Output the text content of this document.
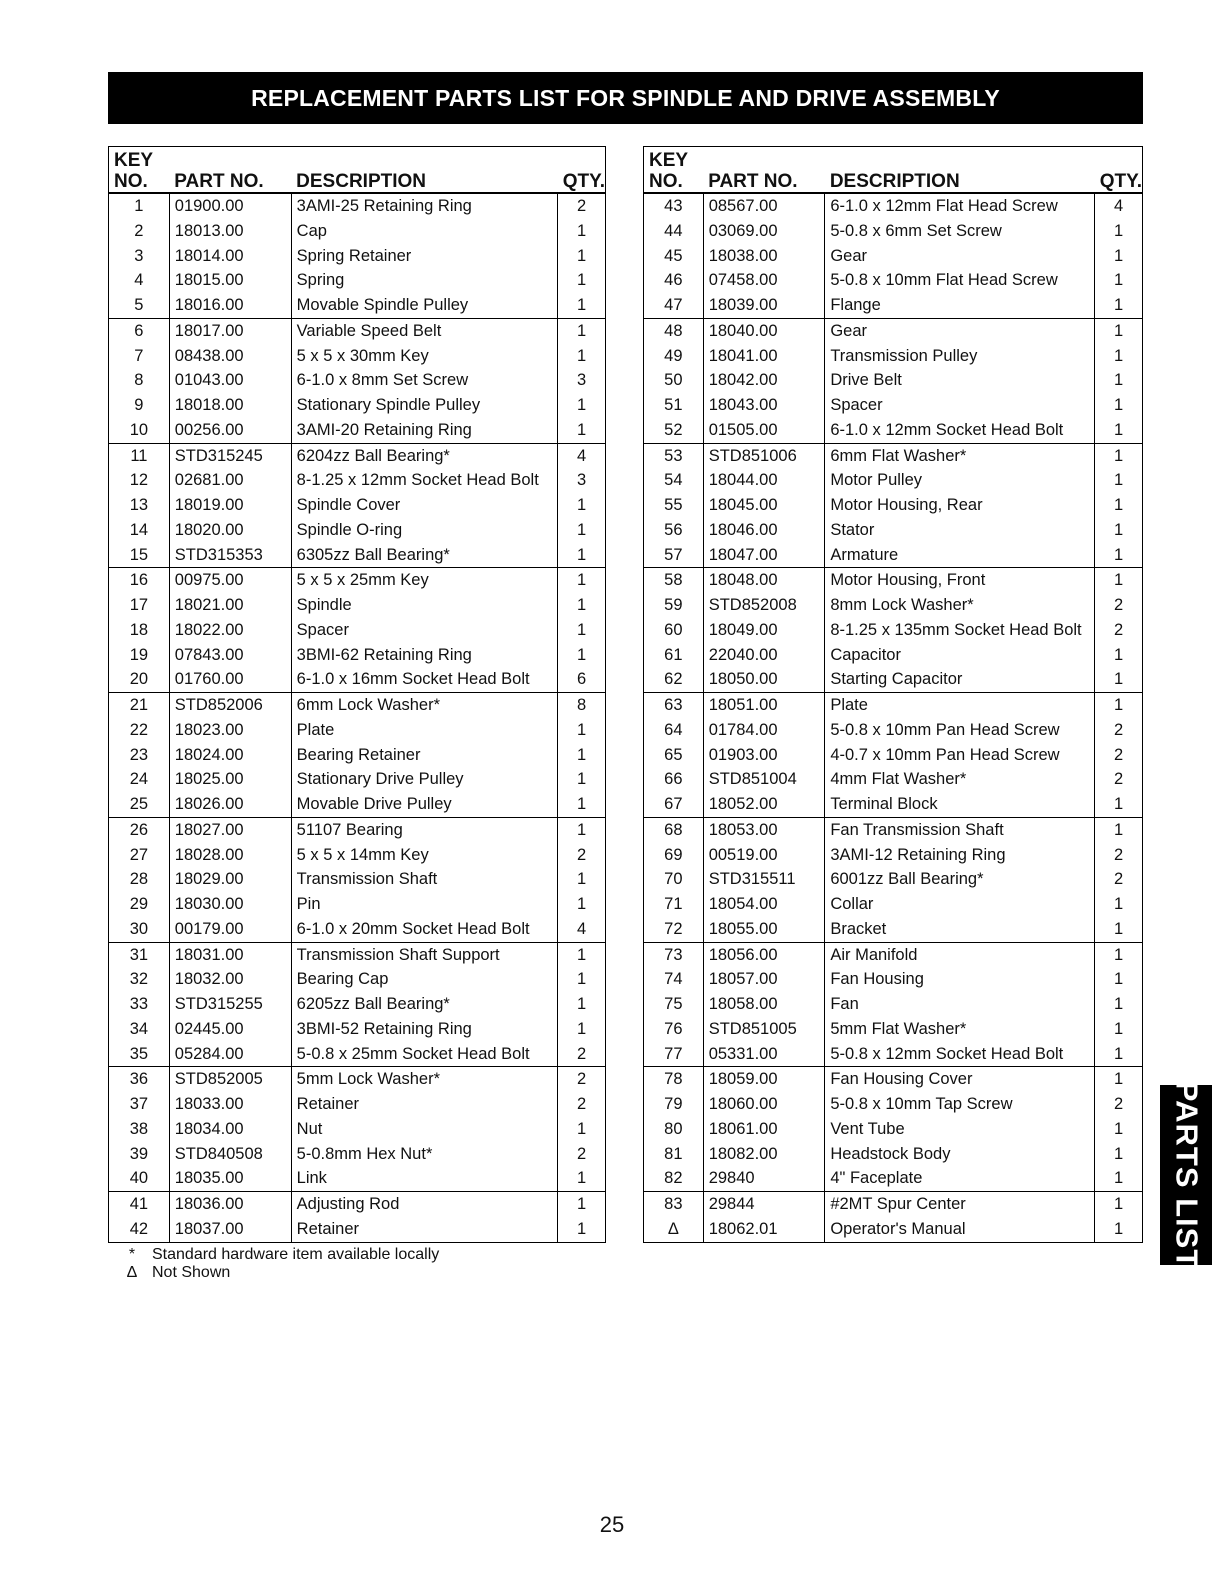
REPLACEMENT PARTS LIST FOR SPINDLE AND DRIVE ASSEMBLY
KEY			
NO.	PART NO.	DESCRIPTION	QTY.
1	01900.00	3AMI-25 Retaining Ring	2
2	18013.00	Cap	1
3	18014.00	Spring Retainer	1
4	18015.00	Spring	1
5	18016.00	Movable Spindle Pulley	1
6	18017.00	Variable Speed Belt	1
7	08438.00	5 x 5 x 30mm Key	1
8	01043.00	6-1.0 x 8mm Set Screw	3
9	18018.00	Stationary Spindle Pulley	1
10	00256.00	3AMI-20 Retaining Ring	1
11	STD315245	6204zz Ball Bearing*	4
12	02681.00	8-1.25 x 12mm Socket Head Bolt	3
13	18019.00	Spindle Cover	1
14	18020.00	Spindle O-ring	1
15	STD315353	6305zz Ball Bearing*	1
16	00975.00	5 x 5 x 25mm Key	1
17	18021.00	Spindle	1
18	18022.00	Spacer	1
19	07843.00	3BMI-62 Retaining Ring	1
20	01760.00	6-1.0 x 16mm Socket Head Bolt	6
21	STD852006	6mm Lock Washer*	8
22	18023.00	Plate	1
23	18024.00	Bearing Retainer	1
24	18025.00	Stationary Drive Pulley	1
25	18026.00	Movable Drive Pulley	1
26	18027.00	51107 Bearing	1
27	18028.00	5 x 5 x 14mm Key	2
28	18029.00	Transmission Shaft	1
29	18030.00	Pin	1
30	00179.00	6-1.0 x 20mm Socket Head Bolt	4
31	18031.00	Transmission Shaft Support	1
32	18032.00	Bearing Cap	1
33	STD315255	6205zz Ball Bearing*	1
34	02445.00	3BMI-52 Retaining Ring	1
35	05284.00	5-0.8 x 25mm Socket Head Bolt	2
36	STD852005	5mm Lock Washer*	2
37	18033.00	Retainer	2
38	18034.00	Nut	1
39	STD840508	5-0.8mm Hex Nut*	2
40	18035.00	Link	1
41	18036.00	Adjusting Rod	1
42	18037.00	Retainer	1
KEY			
NO.	PART NO.	DESCRIPTION	QTY.
43	08567.00	6-1.0 x 12mm Flat Head Screw	4
44	03069.00	5-0.8 x 6mm Set Screw	1
45	18038.00	Gear	1
46	07458.00	5-0.8 x 10mm Flat Head Screw	1
47	18039.00	Flange	1
48	18040.00	Gear	1
49	18041.00	Transmission Pulley	1
50	18042.00	Drive Belt	1
51	18043.00	Spacer	1
52	01505.00	6-1.0 x 12mm Socket Head Bolt	1
53	STD851006	6mm Flat Washer*	1
54	18044.00	Motor Pulley	1
55	18045.00	Motor Housing, Rear	1
56	18046.00	Stator	1
57	18047.00	Armature	1
58	18048.00	Motor Housing, Front	1
59	STD852008	8mm Lock Washer*	2
60	18049.00	8-1.25 x 135mm Socket Head Bolt	2
61	22040.00	Capacitor	1
62	18050.00	Starting Capacitor	1
63	18051.00	Plate	1
64	01784.00	5-0.8 x 10mm Pan Head Screw	2
65	01903.00	4-0.7 x 10mm Pan Head Screw	2
66	STD851004	4mm Flat Washer*	2
67	18052.00	Terminal Block	1
68	18053.00	Fan Transmission Shaft	1
69	00519.00	3AMI-12 Retaining Ring	2
70	STD315511	6001zz Ball Bearing*	2
71	18054.00	Collar	1
72	18055.00	Bracket	1
73	18056.00	Air Manifold	1
74	18057.00	Fan Housing	1
75	18058.00	Fan	1
76	STD851005	5mm Flat Washer*	1
77	05331.00	5-0.8 x 12mm Socket Head Bolt	1
78	18059.00	Fan Housing Cover	1
79	18060.00	5-0.8 x 10mm Tap Screw	2
80	18061.00	Vent Tube	1
81	18082.00	Headstock Body	1
82	29840	4" Faceplate	1
83	29844	#2MT Spur Center	1
Δ	18062.01	Operator's Manual	1
*	Standard hardware item available locally
Δ Not Shown
PARTS LIST
25
